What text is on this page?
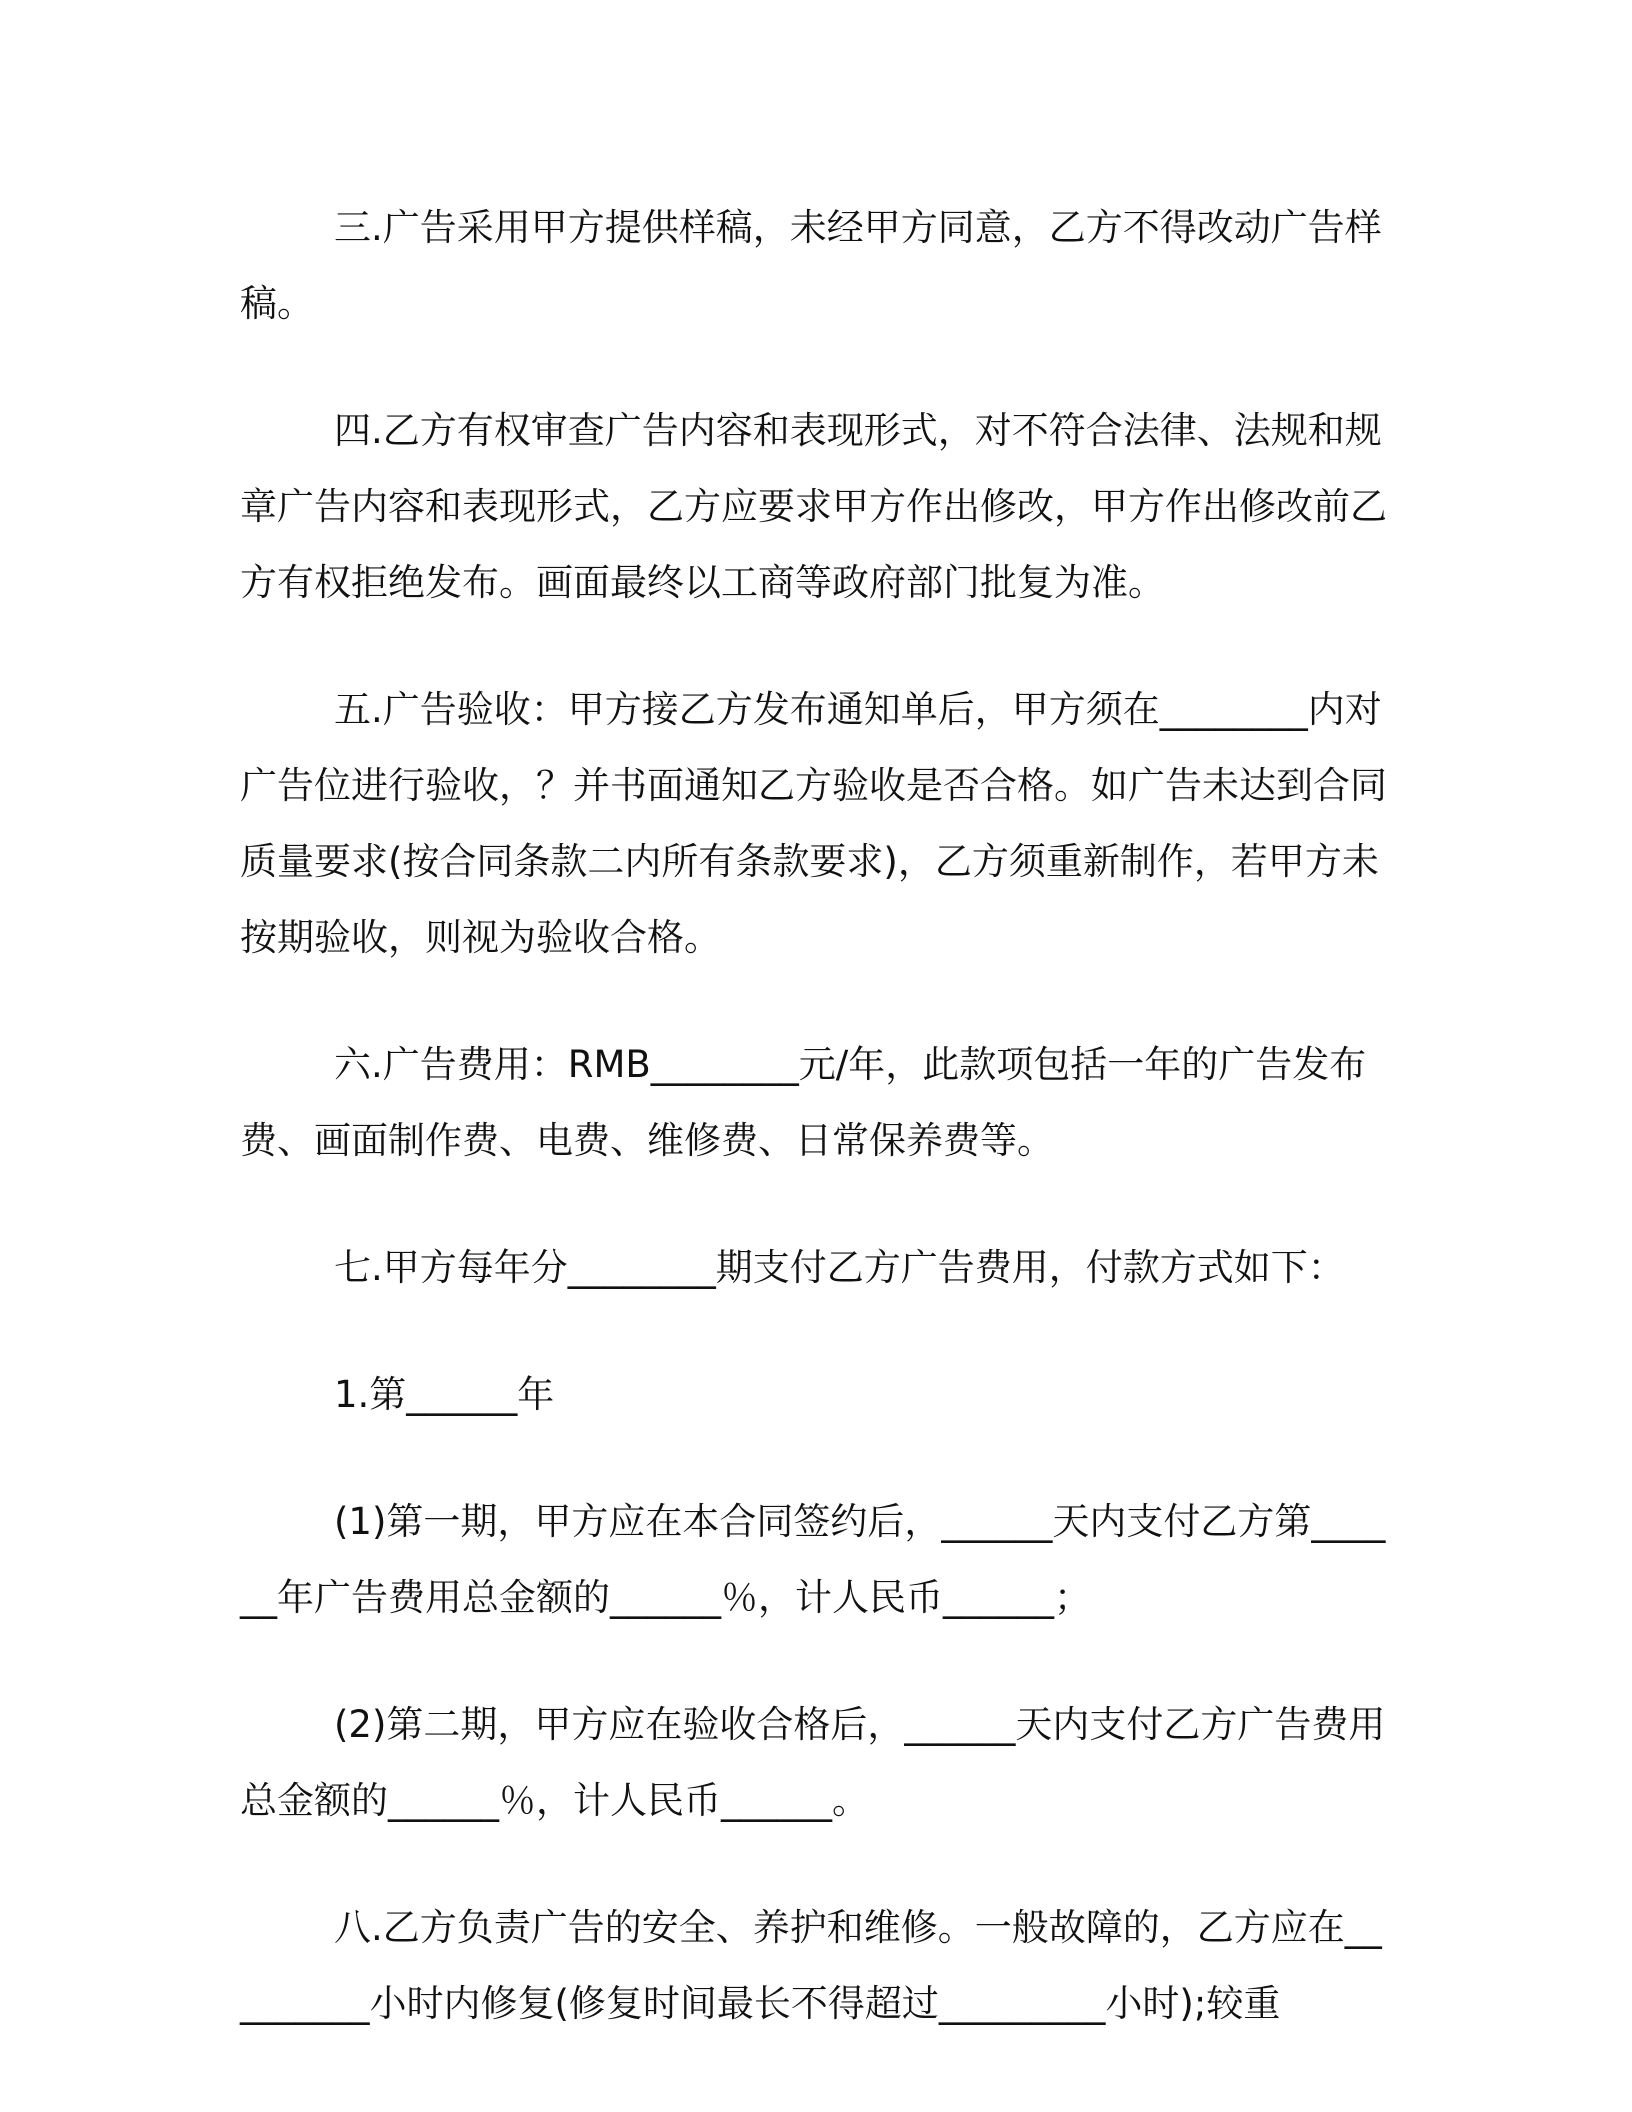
三.广告采用甲方提供样稿，未经甲方同意，乙方不得改动广告样稿。

四.乙方有权审查广告内容和表现形式，对不符合法律、法规和规章广告内容和表现形式，乙方应要求甲方作出修改，甲方作出修改前乙方有权拒绝发布。画面最终以工商等政府部门批复为准。

五.广告验收：甲方接乙方发布通知单后，甲方须在________内对广告位进行验收，？并书面通知乙方验收是否合格。如广告未达到合同质量要求(按合同条款二内所有条款要求)，乙方须重新制作，若甲方未按期验收，则视为验收合格。

六.广告费用：RMB________元/年，此款项包括一年的广告发布费、画面制作费、电费、维修费、日常保养费等。

七.甲方每年分________期支付乙方广告费用，付款方式如下：

1.第______年

(1)第一期，甲方应在本合同签约后，______天内支付乙方第______年广告费用总金额的______％，计人民币______；

(2)第二期，甲方应在验收合格后，______天内支付乙方广告费用总金额的______％，计人民币______。

八.乙方负责广告的安全、养护和维修。一般故障的，乙方应在_________小时内修复(修复时间最长不得超过_________小时);较重
